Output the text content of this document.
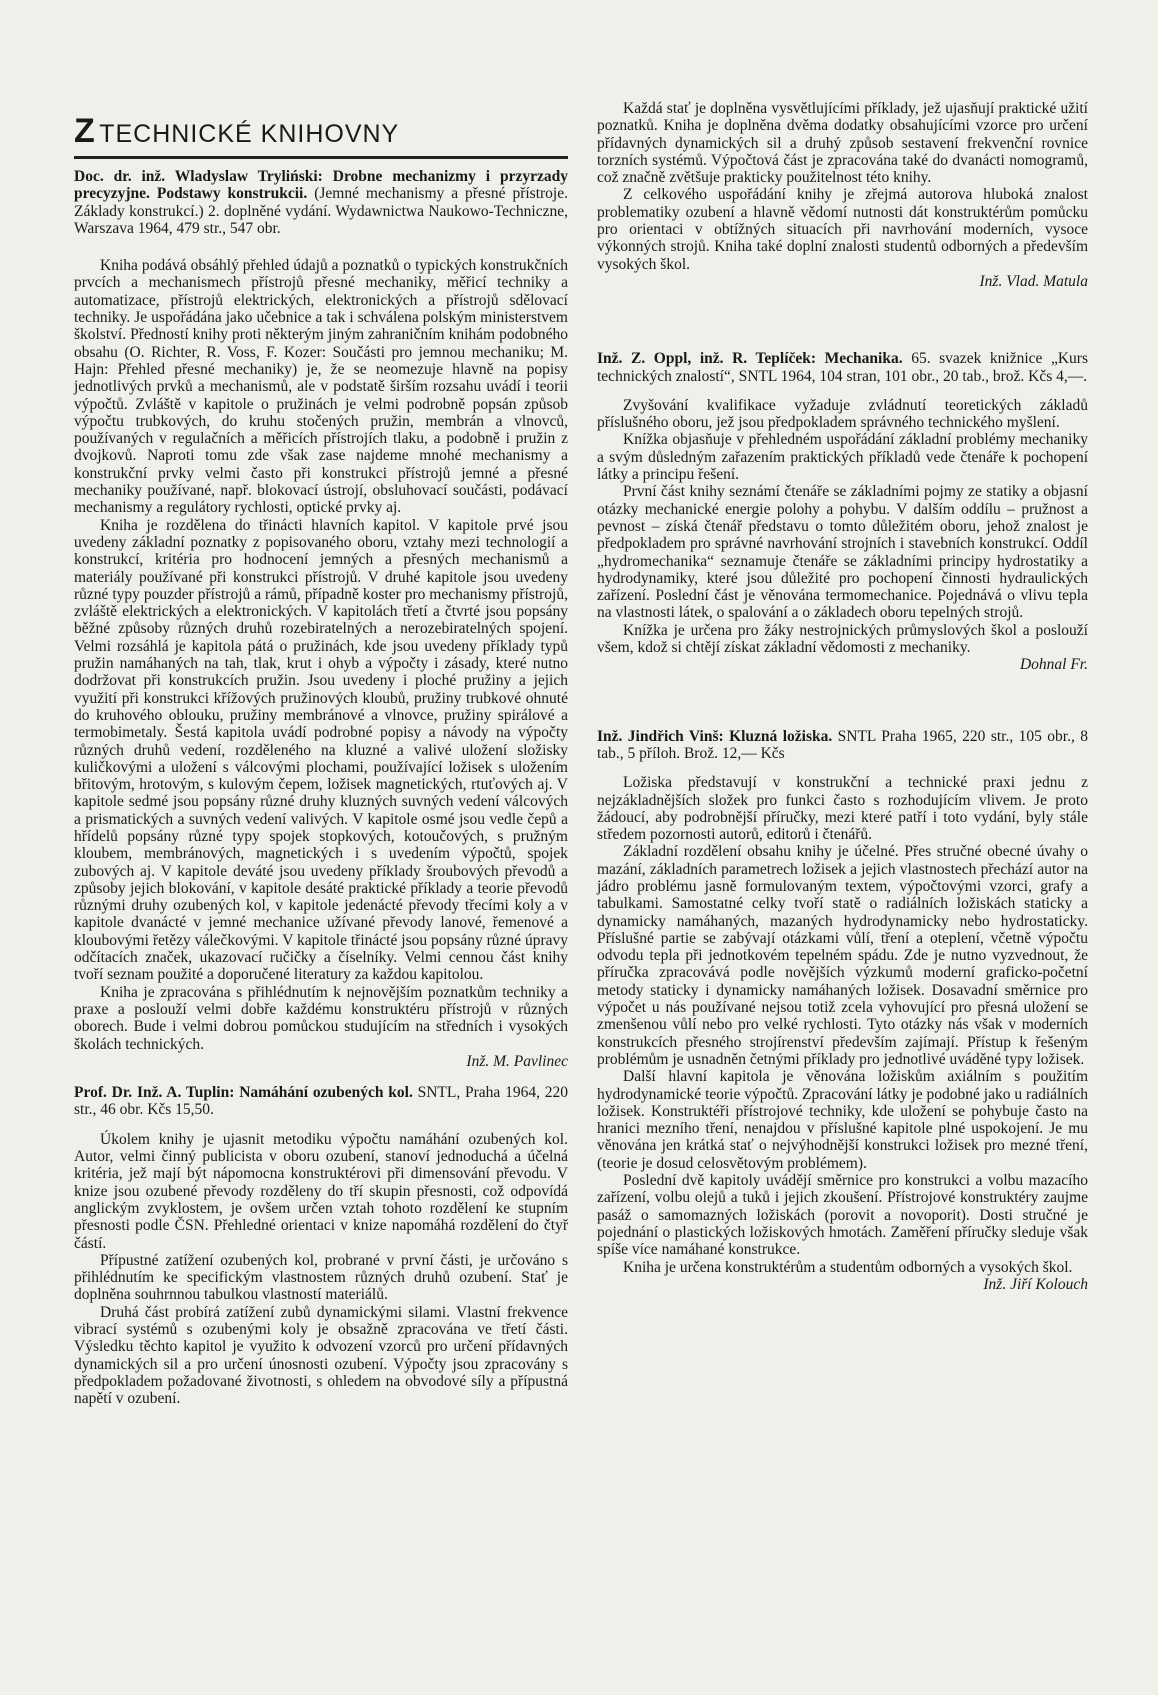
Z TECHNICKÉ KNIHOVNY

Doc. dr. inž. Wladyslaw Tryliński: Drobne mechanizmy i przyrzady precyzyjne. Podstawy konstrukcii. (Jemné mechanismy a přesné přístroje. Základy konstrukcí.) 2. doplněné vydání. Wydawnictwa Naukowo-Techniczne, Warszava 1964, 479 str., 547 obr.

Kniha podává obsáhlý přehled údajů a poznatků o typických konstrukčních prvcích a mechanismech přístrojů přesné mechaniky, měřicí techniky a automatizace, přístrojů elektrických, elektronických a přístrojů sdělovací techniky. Je uspořádána jako učebnice a tak i schválena polským ministerstvem školství. Předností knihy proti některým jiným zahraničním knihám podobného obsahu (O. Richter, R. Voss, F. Kozer: Součásti pro jemnou mechaniku; M. Hajn: Přehled přesné mechaniky) je, že se neomezuje hlavně na popisy jednotlivých prvků a mechanismů, ale v podstatě širším rozsahu uvádí i teorii výpočtů. Zvláště v kapitole o pružinách je velmi podrobně popsán způsob výpočtu trubkových, do kruhu stočených pružin, membrán a vlnovců, používaných v regulačních a měřicích přístrojích tlaku, a podobně i pružin z dvojkovů. Naproti tomu zde však zase najdeme mnohé mechanismy a konstrukční prvky velmi často při konstrukci přístrojů jemné a přesné mechaniky používané, např. blokovací ústrojí, obsluhovací součásti, podávací mechanismy a regulátory rychlosti, optické prvky aj.

Kniha je rozdělena do třinácti hlavních kapitol. V kapitole prvé jsou uvedeny základní poznatky z popisovaného oboru, vztahy mezi technologií a konstrukcí, kritéria pro hodnocení jemných a přesných mechanismů a materiály používané při konstrukci přístrojů. V druhé kapitole jsou uvedeny různé typy pouzder přístrojů a rámů, případně koster pro mechanismy přístrojů, zvláště elektrických a elektronických. V kapitolách třetí a čtvrté jsou popsány běžné způsoby různých druhů rozebiratelných a nerozebiratelných spojení. Velmi rozsáhlá je kapitola pátá o pružinách, kde jsou uvedeny příklady typů pružin namáhaných na tah, tlak, krut i ohyb a výpočty i zásady, které nutno dodržovat při konstrukcích pružin. Jsou uvedeny i ploché pružiny a jejich využití při konstrukci křížových pružinových kloubů, pružiny trubkové ohnuté do kruhového oblouku, pružiny membránové a vlnovce, pružiny spirálové a termobimetaly. Šestá kapitola uvádí podrobné popisy a návody na výpočty různých druhů vedení, rozděleného na kluzné a valivé uložení složisky kuličkovými a uložení s válcovými plochami, používající ložisek s uložením břitovým, hrotovým, s kulovým čepem, ložisek magnetických, rtuťových aj. V kapitole sedmé jsou popsány různé druhy kluzných suvných vedení válcových a prismatických a suvných vedení valivých. V kapitole osmé jsou vedle čepů a hřídelů popsány různé typy spojek stopkových, kotoučových, s pružným kloubem, membránových, magnetických i s uvedením výpočtů, spojek zubových aj. V kapitole deváté jsou uvedeny příklady šroubových převodů a způsoby jejich blokování, v kapitole desáté praktické příklady a teorie převodů různými druhy ozubených kol, v kapitole jedenácté převody třecími koly a v kapitole dvanácté v jemné mechanice užívané převody lanové, řemenové a kloubovými řetězy válečkovými. V kapitole třinácté jsou popsány různé úpravy odčítacích značek, ukazovací ručičky a číselníky. Velmi cennou část knihy tvoří seznam použité a doporučené literatury za každou kapitolou.

Kniha je zpracována s přihlédnutím k nejnovějším poznatkům techniky a praxe a poslouží velmi dobře každému konstruktéru přístrojů v různých oborech. Bude i velmi dobrou pomůckou studujícím na středních i vysokých školách technických.

Inž. M. Pavlinec

Prof. Dr. Inž. A. Tuplin: Namáhání ozubených kol. SNTL, Praha 1964, 220 str., 46 obr. Kčs 15,50.

Úkolem knihy je ujasnit metodiku výpočtu namáhání ozubených kol. Autor, velmi činný publicista v oboru ozubení, stanoví jednoduchá a účelná kritéria, jež mají být nápomocna konstruktérovi při dimensování převodu. V knize jsou ozubené převody rozděleny do tří skupin přesnosti, což odpovídá anglickým zvyklostem, je ovšem určen vztah tohoto rozdělení ke stupním přesnosti podle ČSN. Přehledné orientaci v knize napomáhá rozdělení do čtyř částí.

Přípustné zatížení ozubených kol, probrané v první části, je určováno s přihlédnutím ke specifickým vlastnostem různých druhů ozubení. Stať je doplněna souhrnnou tabulkou vlastností materiálů.

Druhá část probírá zatížení zubů dynamickými silami. Vlastní frekvence vibrací systémů s ozubenými koly je obsažně zpracována ve třetí části. Výsledku těchto kapitol je využito k odvození vzorců pro určení přídavných dynamických sil a pro určení únosnosti ozubení. Výpočty jsou zpracovány s předpokladem požadované životnosti, s ohledem na obvodové síly a přípustná napětí v ozubení.

Každá stať je doplněna vysvětlujícími příklady, jež ujasňují praktické užití poznatků. Kniha je doplněna dvěma dodatky obsahujícími vzorce pro určení přídavných dynamických sil a druhý způsob sestavení frekvenční rovnice torzních systémů. Výpočtová část je zpracována také do dvanácti nomogramů, což značně zvětšuje prakticky použitelnost této knihy.

Z celkového uspořádání knihy je zřejmá autorova hluboká znalost problematiky ozubení a hlavně vědomí nutnosti dát konstruktérům pomůcku pro orientaci v obtížných situacích při navrhování moderních, vysoce výkonných strojů. Kniha také doplní znalosti studentů odborných a především vysokých škol.

Inž. Vlad. Matula

Inž. Z. Oppl, inž. R. Teplíček: Mechanika. 65. svazek knižnice „Kurs technických znalostí“, SNTL 1964, 104 stran, 101 obr., 20 tab., brož. Kčs 4,—.

Zvyšování kvalifikace vyžaduje zvládnutí teoretických základů příslušného oboru, jež jsou předpokladem správného technického myšlení.

Knížka objasňuje v přehledném uspořádání základní problémy mechaniky a svým důsledným zařazením praktických příkladů vede čtenáře k pochopení látky a principu řešení.

První část knihy seznámí čtenáře se základními pojmy ze statiky a objasní otázky mechanické energie polohy a pohybu. V dalším oddílu – pružnost a pevnost – získá čtenář představu o tomto důležitém oboru, jehož znalost je předpokladem pro správné navrhování strojních i stavebních konstrukcí. Oddíl „hydromechanika“ seznamuje čtenáře se základními principy hydrostatiky a hydrodynamiky, které jsou důležité pro pochopení činnosti hydraulických zařízení. Poslední část je věnována termomechanice. Pojednává o vlivu tepla na vlastnosti látek, o spalování a o základech oboru tepelných strojů.

Knížka je určena pro žáky nestrojnických průmyslových škol a poslouží všem, kdož si chtějí získat základní vědomosti z mechaniky.

Dohnal Fr.

Inž. Jindřich Vinš: Kluzná ložiska. SNTL Praha 1965, 220 str., 105 obr., 8 tab., 5 příloh. Brož. 12,— Kčs

Ložiska představují v konstrukční a technické praxi jednu z nejzákladnějších složek pro funkci často s rozhodujícím vlivem. Je proto žádoucí, aby podrobnější příručky, mezi které patří i toto vydání, byly stále středem pozornosti autorů, editorů i čtenářů.

Základní rozdělení obsahu knihy je účelné. Přes stručné obecné úvahy o mazání, základních parametrech ložisek a jejich vlastnostech přechází autor na jádro problému jasně formulovaným textem, výpočtovými vzorci, grafy a tabulkami. Samostatné celky tvoří statě o radiálních ložiskách staticky a dynamicky namáhaných, mazaných hydrodynamicky nebo hydrostaticky. Příslušné partie se zabývají otázkami vůlí, tření a oteplení, včetně výpočtu odvodu tepla při jednotkovém tepelném spádu. Zde je nutno vyzvednout, že příručka zpracovává podle novějších výzkumů moderní graficko-početní metody staticky i dynamicky namáhaných ložisek. Dosavadní směrnice pro výpočet u nás používané nejsou totiž zcela vyhovující pro přesná uložení se zmenšenou vůlí nebo pro velké rychlosti. Tyto otázky nás však v moderních konstrukcích přesného strojírenství především zajímají. Přístup k řešeným problémům je usnadněn četnými příklady pro jednotlivé uváděné typy ložisek.

Další hlavní kapitola je věnována ložiskům axiálním s použitím hydrodynamické teorie výpočtů. Zpracování látky je podobné jako u radiálních ložisek. Konstruktéři přístrojové techniky, kde uložení se pohybuje často na hranici mezního tření, nenajdou v příslušné kapitole plné uspokojení. Je mu věnována jen krátká stať o nejvýhodnější konstrukci ložisek pro mezné tření, (teorie je dosud celosvětovým problémem).

Poslední dvě kapitoly uvádějí směrnice pro konstrukci a volbu mazacího zařízení, volbu olejů a tuků i jejich zkoušení. Přístrojové konstruktéry zaujme pasáž o samomazných ložiskách (porovit a novoporit). Dosti stručné je pojednání o plastických ložiskových hmotách. Zaměření příručky sleduje však spíše více namáhané konstrukce.

Kniha je určena konstruktérům a studentům odborných a vysokých škol.

Inž. Jiří Kolouch
